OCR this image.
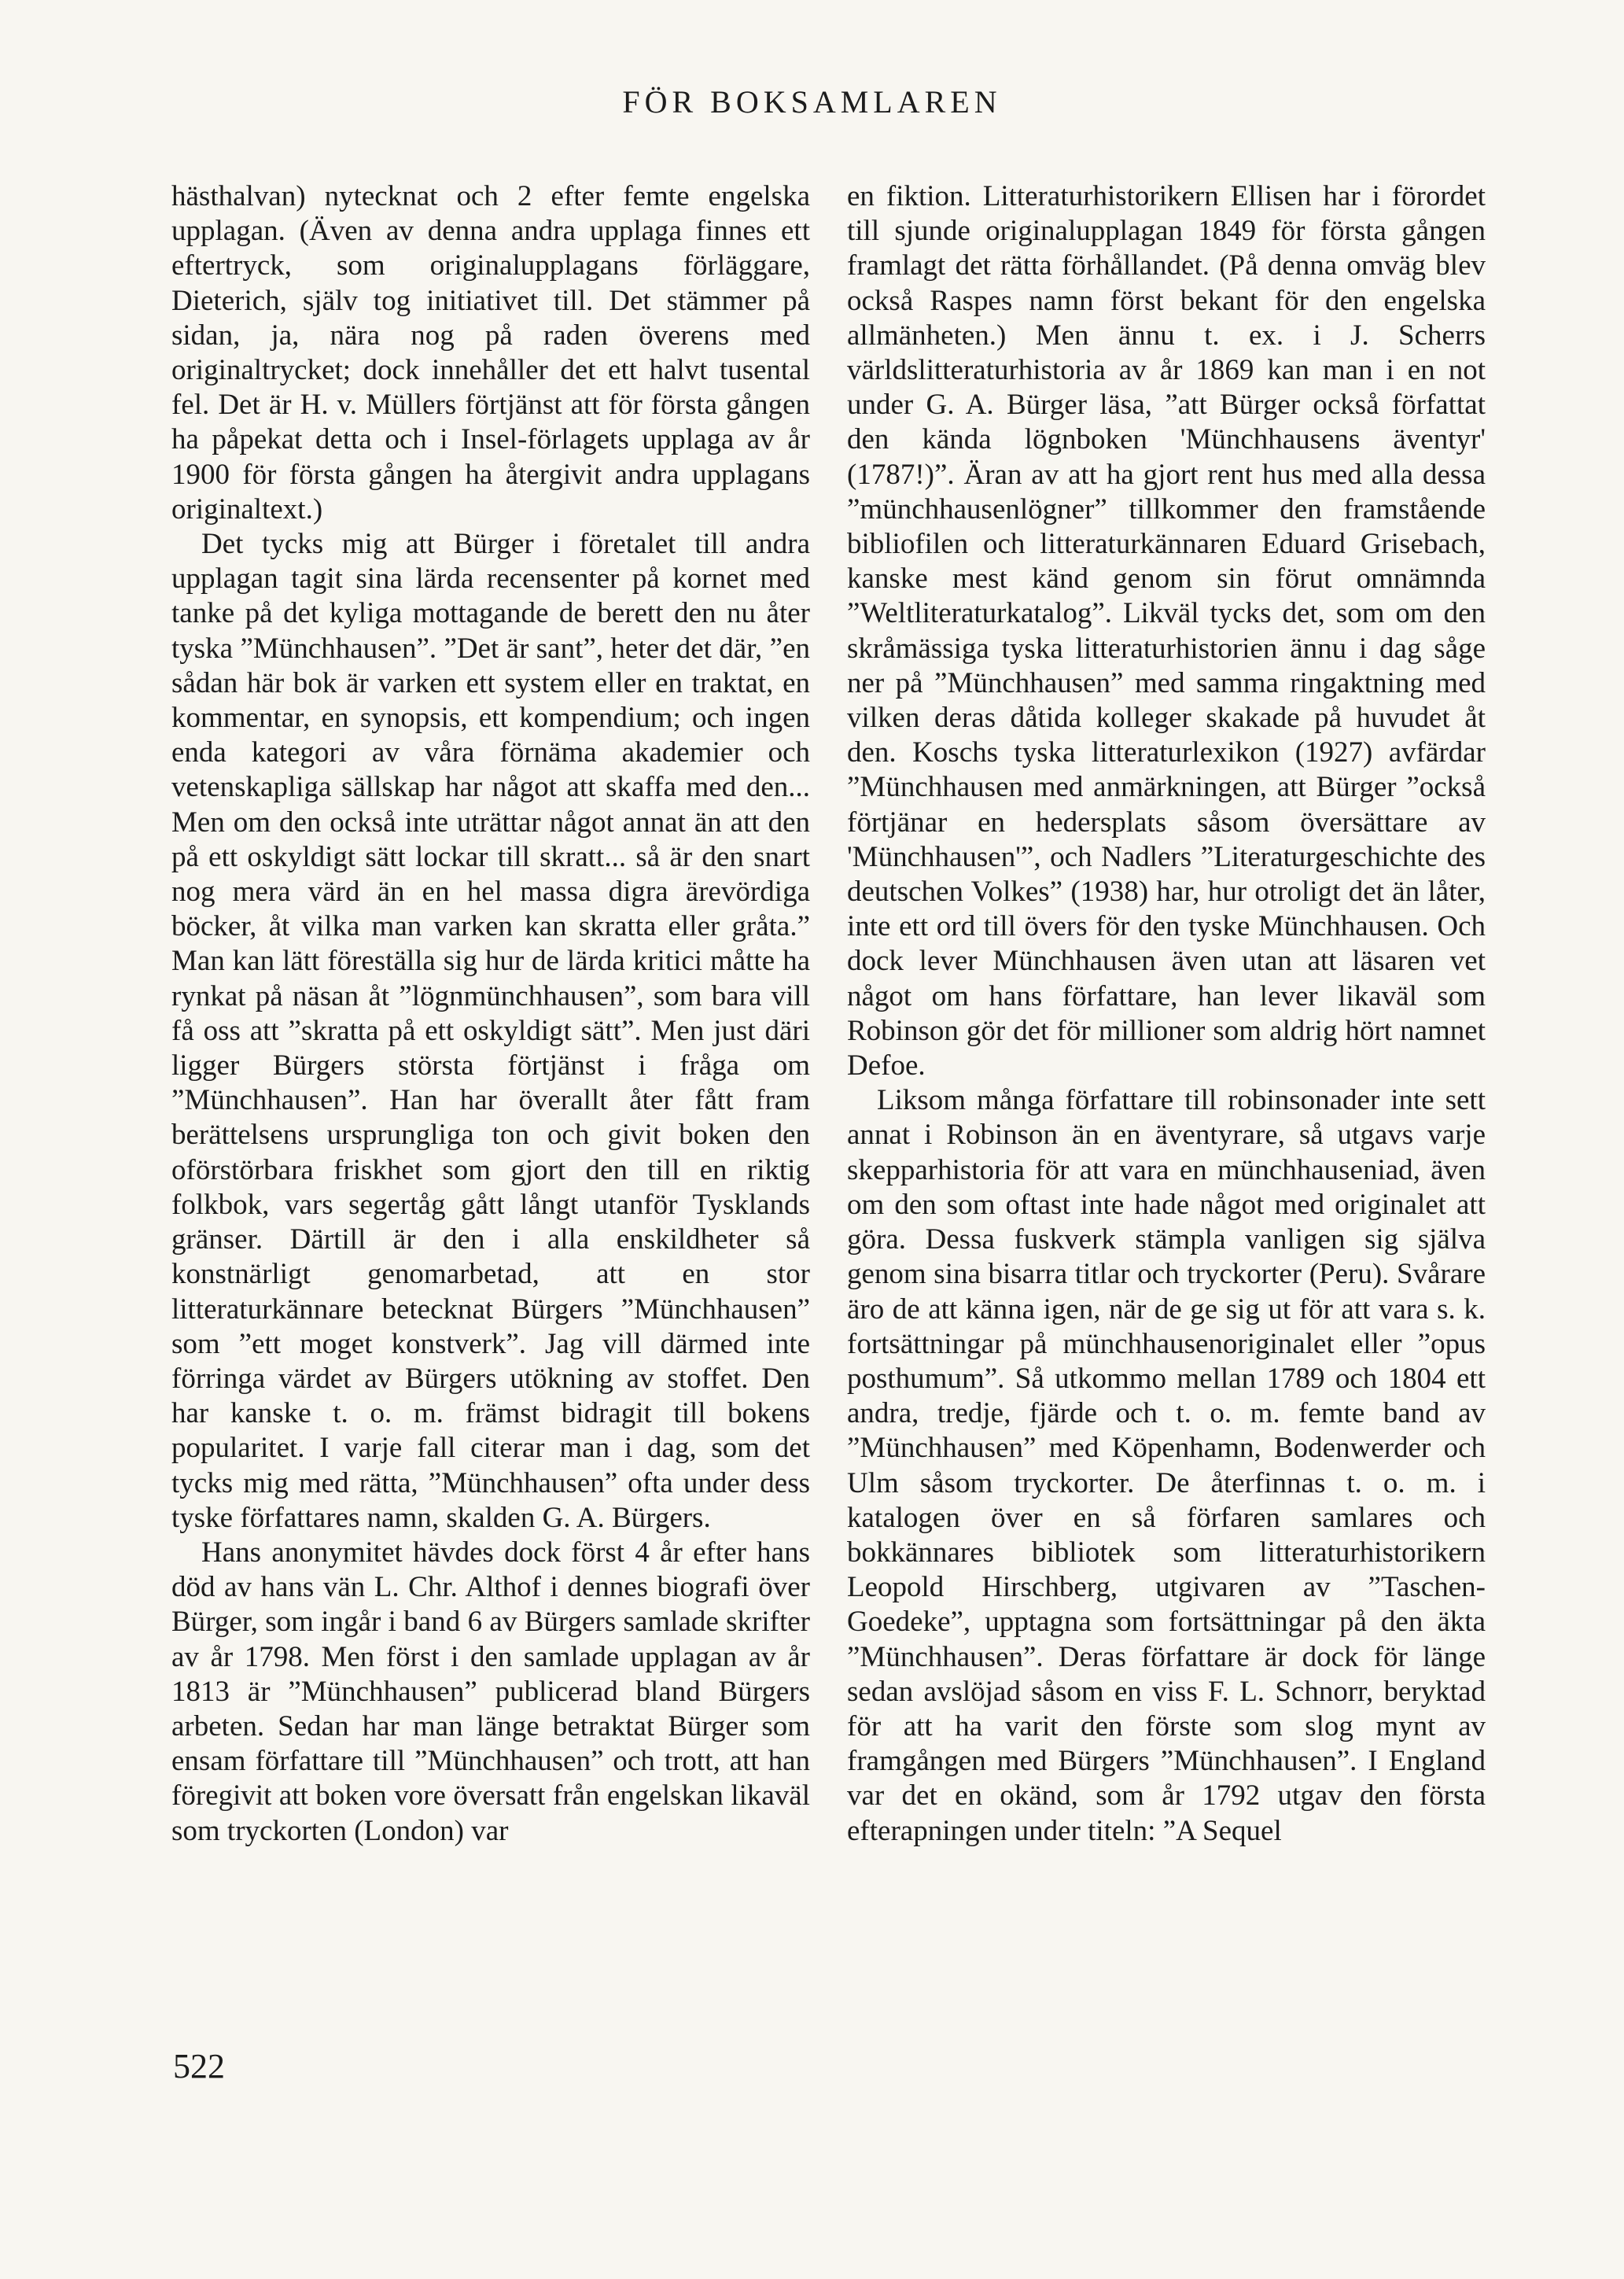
FÖR BOKSAMLAREN

hästhalvan) nytecknat och 2 efter femte engelska upplagan. (Även av denna andra upplaga finnes ett eftertryck, som originalupplagans förläggare, Dieterich, själv tog initiativet till. Det stämmer på sidan, ja, nära nog på raden överens med originaltrycket; dock innehåller det ett halvt tusental fel. Det är H. v. Müllers förtjänst att för första gången ha påpekat detta och i Insel-förlagets upplaga av år 1900 för första gången ha återgivit andra upplagans originaltext.)

Det tycks mig att Bürger i företalet till andra upplagan tagit sina lärda recensenter på kornet med tanke på det kyliga mottagande de berett den nu åter tyska ”Münchhausen”. ”Det är sant”, heter det där, ”en sådan här bok är varken ett system eller en traktat, en kommentar, en synopsis, ett kompendium; och ingen enda kategori av våra förnäma akademier och vetenskapliga sällskap har något att skaffa med den... Men om den också inte uträttar något annat än att den på ett oskyldigt sätt lockar till skratt... så är den snart nog mera värd än en hel massa digra ärevördiga böcker, åt vilka man varken kan skratta eller gråta.” Man kan lätt föreställa sig hur de lärda kritici måtte ha rynkat på näsan åt ”lögnmünchhausen”, som bara vill få oss att ”skratta på ett oskyldigt sätt”. Men just däri ligger Bürgers största förtjänst i fråga om ”Münchhausen”. Han har överallt åter fått fram berättelsens ursprungliga ton och givit boken den oförstörbara friskhet som gjort den till en riktig folkbok, vars segertåg gått långt utanför Tysklands gränser. Därtill är den i alla enskildheter så konstnärligt genomarbetad, att en stor litteraturkännare betecknat Bürgers ”Münchhausen” som ”ett moget konstverk”. Jag vill därmed inte förringa värdet av Bürgers utökning av stoffet. Den har kanske t. o. m. främst bidragit till bokens popularitet. I varje fall citerar man i dag, som det tycks mig med rätta, ”Münchhausen” ofta under dess tyske författares namn, skalden G. A. Bürgers.

Hans anonymitet hävdes dock först 4 år efter hans död av hans vän L. Chr. Althof i dennes biografi över Bürger, som ingår i band 6 av Bürgers samlade skrifter av år 1798. Men först i den samlade upplagan av år 1813 är ”Münchhausen” publicerad bland Bürgers arbeten. Sedan har man länge betraktat Bürger som ensam författare till ”Münchhausen” och trott, att han föregivit att boken vore översatt från engelskan likaväl som tryckorten (London) var

en fiktion. Litteraturhistorikern Ellisen har i förordet till sjunde originalupplagan 1849 för första gången framlagt det rätta förhållandet. (På denna omväg blev också Raspes namn först bekant för den engelska allmänheten.) Men ännu t. ex. i J. Scherrs världslitteraturhistoria av år 1869 kan man i en not under G. A. Bürger läsa, ”att Bürger också författat den kända lögnboken 'Münchhausens äventyr' (1787!)”. Äran av att ha gjort rent hus med alla dessa ”münchhausenlögner” tillkommer den framstående bibliofilen och litteraturkännaren Eduard Grisebach, kanske mest känd genom sin förut omnämnda ”Weltliteraturkatalog”. Likväl tycks det, som om den skråmässiga tyska litteraturhistorien ännu i dag såge ner på ”Münchhausen” med samma ringaktning med vilken deras dåtida kolleger skakade på huvudet åt den. Koschs tyska litteraturlexikon (1927) avfärdar ”Münchhausen med anmärkningen, att Bürger ”också förtjänar en hedersplats såsom översättare av 'Münchhausen'”, och Nadlers ”Literaturgeschichte des deutschen Volkes” (1938) har, hur otroligt det än låter, inte ett ord till övers för den tyske Münchhausen. Och dock lever Münchhausen även utan att läsaren vet något om hans författare, han lever likaväl som Robinson gör det för millioner som aldrig hört namnet Defoe.

Liksom många författare till robinsonader inte sett annat i Robinson än en äventyrare, så utgavs varje skepparhistoria för att vara en münchhauseniad, även om den som oftast inte hade något med originalet att göra. Dessa fuskverk stämpla vanligen sig själva genom sina bisarra titlar och tryckorter (Peru). Svårare äro de att känna igen, när de ge sig ut för att vara s. k. fortsättningar på münchhausenoriginalet eller ”opus posthumum”. Så utkommo mellan 1789 och 1804 ett andra, tredje, fjärde och t. o. m. femte band av ”Münchhausen” med Köpenhamn, Bodenwerder och Ulm såsom tryckorter. De återfinnas t. o. m. i katalogen över en så förfaren samlares och bokkännares bibliotek som litteraturhistorikern Leopold Hirschberg, utgivaren av ”Taschen-Goedeke”, upptagna som fortsättningar på den äkta ”Münchhausen”. Deras författare är dock för länge sedan avslöjad såsom en viss F. L. Schnorr, beryktad för att ha varit den förste som slog mynt av framgången med Bürgers ”Münchhausen”. I England var det en okänd, som år 1792 utgav den första efterapningen under titeln: ”A Sequel

522
